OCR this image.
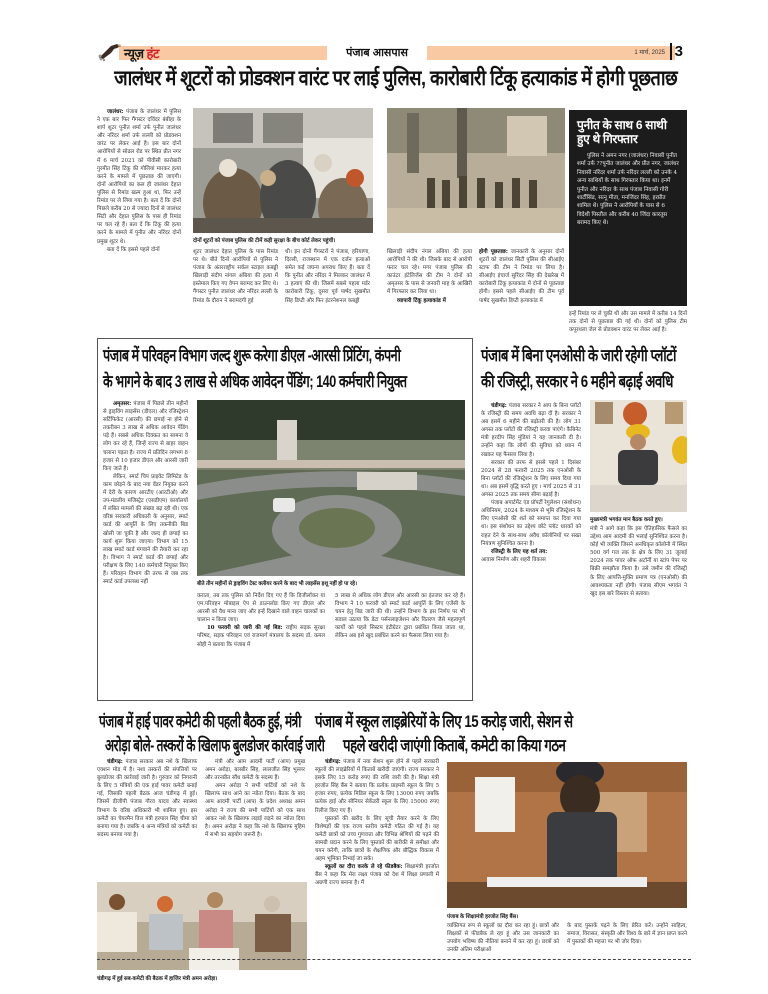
न्यूज़ हंट	पंजाब आसपास	1 मार्च, 2025 3
जालंधर में शूटरों को प्रोडक्शन वारंट पर लाई पुलिस, कारोबारी टिंकू हत्याकांड में होगी पूछताछ

जालंधर: पंजाब के जालंधर में पुलिस ने एक बार फिर गैंगस्टर दविंदर बंबीहा के शार्प शूटर पुनीत शर्मा उर्फ पुनीत जालंधर और नरिंदर शर्मा उर्फ लल्ली को प्रोडक्शन वारंट पर लेकर आई है। इस बार दोनों आरोपियों से सोढल रोड पर स्थित प्रीत नगर में 6 मार्च 2021 को पीवीसी कारोबारी गुरमीत सिंह टिंकू की गोलियां मारकर हत्या करने के मामले में पूछताछ की जाएगी। दोनों आरोपियों का कल ही जालंधर देहात पुलिस से रिमांड खत्म हुआ था, फिर उन्हें रिमांड पर ले लिया गया है। बता दें कि दोनों पिछले करीब 20 से ज्यादा दिनों से जालंधर सिटी और देहात पुलिस के पास ही रिमांड पर चल रहे हैं। बता दें कि टिंकू की हत्या करने के मामले में पुनीत और नरिंदर दोनों प्रमुख शूटर थे।

बता दें कि इससे पहले दोनों

दोनों शूटरों को पंजाब पुलिस की टीमें कड़ी सुरक्षा के बीच कोर्ट लेकर पहुंची।
शूटर जालंधर देहात पुलिस के पास रिमांड पर थे। बीते दिनों आरोपियों से पुलिस ने पंजाब के अंतरराष्ट्रीय सर्कल स्टाइल कबड्डी खिलाड़ी संदीप नांगल अंबिया की हत्या में इस्तेमाल किए गए वेपन बरामद कर लिए थे। गैंगस्टर पुनीत जालंधर और नरिंदर लल्ली के रिमांड के दौरान ने बरामदगी हुई
थी। इन दोनों गैंगस्टरों ने पंजाब, हरियाणा, दिल्ली, राजस्थान में एक दर्जन हत्याओं समेत कई जघन्य अपराध किए हैं। बता दें कि पुनीत और नरिंदर ने मिलकर जालंधर में 3 हत्याएं की थी। जिसमें सबसे पहला मर्डर कारोबारी टिंकू, दूसरा पूर्व पार्षद सुखमीत सिंह डिप्टी और फिर इंटरनेशनल कबड्डी

खिलाड़ी संदीप नंगल अंबिया की हत्या आरोपियों ने की थी। जिसके बाद से आरोपी फरार चल रहे। मगर पंजाब पुलिस की काउंटर इंटेलिजेंस की टीम ने दोनों को अमृतसर के पास से जनवरी माह के आखिरी में गिरफ्तार कर लिया था।

व्यापारी टिंकू हत्याकांड में

होगी पूछताछ: जानकारी के अनुसार दोनों शूटरों को जालंधर सिटी पुलिस की सीआईए स्टाफ की टीम ने रिमांड पर लिया है। सीआईए इंचार्ज सुरिंदर सिंह की देखरेख में कारोबारी टिंकू हत्याकांड में दोनों से पूछताछ होगी। इससे पहले सीआईए की टीम पूर्व पार्षद सुखमीत डिप्टी हत्याकांड में
पुनीत के साथ 6 साथी हुए थे गिरफ्तार
पुलिस ने अमन नगर (जालंधर) निवासी पुनीत शर्मा उर्फ ??पुनीत जालंधर और प्रीत नगर, जालंधर निवासी नरिंदर शर्मा उर्फ नरिंदर लल्ली को उनके 4 अन्य साथियों के साथ गिरफ्तार किया था। इनमें पुनीत और नरिंदर के साथ पंजाब निवासी गोरी शार्टीसिंड, सत्नू मीता, मनजिंदर सिंह, हरप्रीत शामिल थे। पुलिस ने आरोपियों के पास से 6 विदेशी पिस्तौल और करीब 40 जिंदा कारतूस बरामद किए थे।
इन्हें रिमांड पर ले चुकी थी और उस मामले में करीब 14 दिनों तक दोनों से पूछताछ की गई थी। दोनों को पुलिस टीम कपूरथला जेल से प्रोडक्शन वारंट पर लेकर आई है।
पंजाब में परिवहन विभाग जल्द शुरू करेगा डीएल -आरसी प्रिंटिंग, कंपनी
के भागने के बाद 3 लाख से अधिक आवेदन पेंडिंग; 140 कर्मचारी नियुक्त

अमृतसर: पंजाब में पिछले तीन महीनों से ड्राइविंग लाइसेंस (डीएल) और रजिस्ट्रेशन सर्टिफिकेट (आरसी) की छपाई ना होने से तकरीबन 3 लाख से अधिक आवेदन पेंडिंग पड़े हैं। सबसे अधिक दिक्कत का सामना वे लोग कर रहे हैं, जिन्हें राज्य से बाहर वाहन चलाना पड़ता है। राज्य में प्रतिदिन लगभग 8 हजार से 10 हजार डीएल और आरसी जारी किए जाते हैं।

लेकिन, स्मार्ट चिप प्राइवेट लिमिटेड के काम छोड़ने के बाद नया वेंडर नियुक्त करने में देरी के कारण आरटीए (आरटीओ) और उप-मंडलीय मजिस्ट्रेट (एसडीएम) कार्यालयों में लंबित मामलों की संख्या बढ़ रही थी। एक वरिष्ठ सरकारी अधिकारी के अनुसार, स्मार्ट कार्ड की आपूर्ति के लिए तकनीकी बिड खोली जा चुकी है और जल्द ही छपाई का कार्य शुरू किया जाएगा। विभाग को 15 लाख स्मार्ट कार्ड मंगवाने की तैयारी कर रहा है। विभाग ने स्मार्ट कार्ड की छपाई और परीक्षण के लिए 140 कर्मचारी नियुक्त किए हैं। परिवहन विभाग की तरफ से जब तक स्मार्ट कार्ड उपलब्ध नहीं	बीते तीन महीनों से ड्राइविंग टेस्ट क्लीयर करने के बाद भी लाइसेंस इशू नहीं हो पा रहे।

कराता, तब तक पुलिस को निर्देश दिए गए हैं कि डिजीलॉकर या एम.परिवहन मोबाइल ऐप से डाउनलोड किए गए डीएल और आरसी को वैध माना जाए और इन्हें दिखाने वाले वाहन चालकों का चालान न किया जाए।

10 फरवरी को जारी की गई बिड: राष्ट्रीय सड़क सुरक्षा परिषद, सड़क परिवहन एवं राजमार्ग मंत्रालय के सदस्य डॉ. कमल सोही ने बताया कि पंजाब में

5 लाख से अधिक लोग डीएल और आरसी का इंतजार कर रहे हैं। विभाग ने 10 फरवरी को स्मार्ट कार्ड आपूर्ति के लिए एजेंसी के चयन हेतु बिड जारी की थी। उन्होंने विभाग के इस निर्णय पर भी सवाल उठाया कि डेटा पर्सनलाइजेशन और वितरण जैसे महत्वपूर्ण कार्यों को पहले सिस्टम इंटीग्रेटर द्वारा प्रबंधित किया जाता था, लेकिन अब इसे खुद प्रबंधित करने का फैसला लिया गया है।
पंजाब में बिना एनओसी के जारी रहेगी प्लॉटों
की रजिस्ट्री, सरकार ने 6 महीने बढ़ाई अवधि

चंडीगढ़: पंजाब सरकार ने आप के बिना प्लॉटों के रजिस्ट्री की समय अवधि बढ़ा दी है। सरकार ने अब इसमें 6 महीने की बढ़ोतरी की है। लोग 31 अगस्त तक प्लॉटों की रजिस्ट्री करवा पाएंगे। कैबिनेट मंत्री हरदीप सिंह मुंडियां ने यह जानकारी दी है। उन्होंने कहा कि लोगों की सुविधा को ध्यान में रखकर यह फैसला लिया है।

सरकार की तरफ से इससे पहले 1 दिसंबर 2024 से 28 फरवरी 2025 तक एनओसी के बिना प्लॉटों की रजिस्ट्रेशन के लिए समय दिया गया था। अब इसमें वृद्धि करते हुए । मार्च 2025 से 31 अगस्त 2025 तक समय सीमा बढ़ाई है।

पंजाब अपार्टमेंट एंड प्रॉपर्टी रेगुलेशन (संशोधन) अधिनियम, 2024 के माध्यम से भूमि रजिस्ट्रेशन के लिए एनओसी की शर्त को समाप्त कर दिया गया था। इस संशोधन का उद्देश्य छोटे प्लॉट धारकों को राहत देने के साथ-साथ अवैध कॉलोनियों पर सख्त नियंत्रण सुनिश्चित करना है।

रजिस्ट्री के लिए यह शर्त तय:

आवास निर्माण और शहरी विकास

मुख्यमंत्री भगवंत मान बैठक करते हुए।
मंत्री ने आगे कहा कि इस ऐतिहासिक फैसले का उद्देश्य आम आदमी की भलाई सुनिश्चित करना है। कोई भी व्यक्ति जिसने अनधिकृत कॉलोनी में स्थित 500 वर्ग गज तक के क्षेत्र के लिए 31 जुलाई 2024 तक पावर ऑफ अटॉर्नी या स्टांप पेपर पर बिक्री समझौता किया है। उसे जमीन की रजिस्ट्री के लिए आपत्ति-मुक्ति प्रमाण पत्र (एनओसी) की आवश्यकता नहीं होगी। पंजाब सीएम भगवंत ने खुद इस बारे विस्तार से बताया।
पंजाब में हाई पावर कमेटी की पहली बैठक हुई, मंत्री
अरोड़ा बोले- तस्करों के खिलाफ बुलडोजर कार्रवाई जारी

चंडीगढ़: पंजाब सरकार अब नशे के खिलाफ एक्शन मोड में है। नशा तस्करों की संपत्तियों पर बुलडोजर की कार्रवाई जारी है। गुरुवार को निगरानी के लिए 5 मंत्रियों की एक हाई पावर कमेटी बनाई गई, जिसकी पहली बैठक आज चंडीगढ़ में हुई। जिसमें डीजीपी पंजाब गौरव यादव और स्वास्थ्य विभाग के वरिष्ठ अधिकारी भी शामिल हुए। इस कमेटी का चेयरमैन वित्त मंत्री हरपाल सिंह चीमा को बनाया गया है। जबकि 4 अन्य मंत्रियों को कमेटी का सदस्य बनाया गया है।

मंत्री और आम आदमी पार्टी (आप) प्रमुख अमन अरोड़ा, बलबीर सिंह, लालजीत सिंह भुल्लर और तरनप्रीत सौंध कमेटी के सदस्य हैं।

अमन अरोड़ा ने सभी पार्टियों को नशे के खिलाफ साथ आने का न्योता दिया। बैठक के बाद आम आदमी पार्टी (आप) के प्रदेश अध्यक्ष अमन अरोड़ा ने राज्य की सभी पार्टियों को एक साथ आकर नशे के खिलाफ लड़ाई लड़ने का न्योता दिया है। अमन अरोड़ा ने कहा कि नशे के खिलाफ मुहिम में सभी का सहयोग जरूरी है।

चंडीगढ़ में हुई सब-कमेटी की बैठक में हाजिर मंत्री अमन अरोड़ा।
पंजाब में स्कूल लाइब्रेरियों के लिए 15 करोड़ जारी, सेशन से
पहले खरीदी जाएंगी किताबें, कमेटी का किया गठन

चंडीगढ़: पंजाब में नया सेशन शुरू होने से पहले सरकारी स्कूलों की लाइब्रेरियों में किताबें खरीदी जाएंगी। राज्य सरकार ने इसके लिए 15 करोड़ रुपए की राशि जारी की है। शिक्षा मंत्री हरजोत सिंह बैंस ने बताया कि प्रत्येक प्राइमरी स्कूल के लिए 5 हजार रुपए, प्रत्येक मिडिल स्कूल के लिए 13000 रुपए जबकि प्रत्येक हाई और सीनियर सेकेंडरी स्कूल के लिए 15000 रुपए रिलीज किए गए हैं।

पुस्तकों की खरीद के लिए सूची तैयार करने के लिए विशेषज्ञों की एक राज्य स्तरीय कमेटी गठित की गई है। यह कमेटी छात्रों को उच्च गुणवत्ता और विभिन्न श्रेणियों की पढ़ने की सामग्री प्रदान करने के लिए पुस्तकों की बारीकी से समीक्षा और चयन करेगी, ताकि छात्रों के शैक्षणिक और बौद्धिक विकास में अहम भूमिका निभाई जा सके।

स्कूलों का दौरा करके ले रहे फीडबैक: शिक्षामंत्री हरजोत बैंस ने कहा कि मेरा लक्ष्य पंजाब को देश में शिक्षा प्रणाली में अग्रणी राज्य बनाना है। मैं

पंजाब के शिक्षामंत्री हरजोत सिंह बैंस।
व्यक्तिगत रूप से स्कूलों का दौरा कर रहा हूं। छात्रों और शिक्षकों से फीडबैक ले रहा हूं और उस जानकारी का उपयोग भविष्य की नीतियां बनाने में कर रहा हूं। छात्रों को उनकी अंतिम परीक्षाओं
के बाद पुस्तकें पढ़ने के लिए प्रेरित करें। उन्होंने साहित्य, समाज, विरासत, संस्कृति और विश्व के बारे में ज्ञान प्राप्त करने में पुस्तकों की महत्ता पर भी जोर दिया।
